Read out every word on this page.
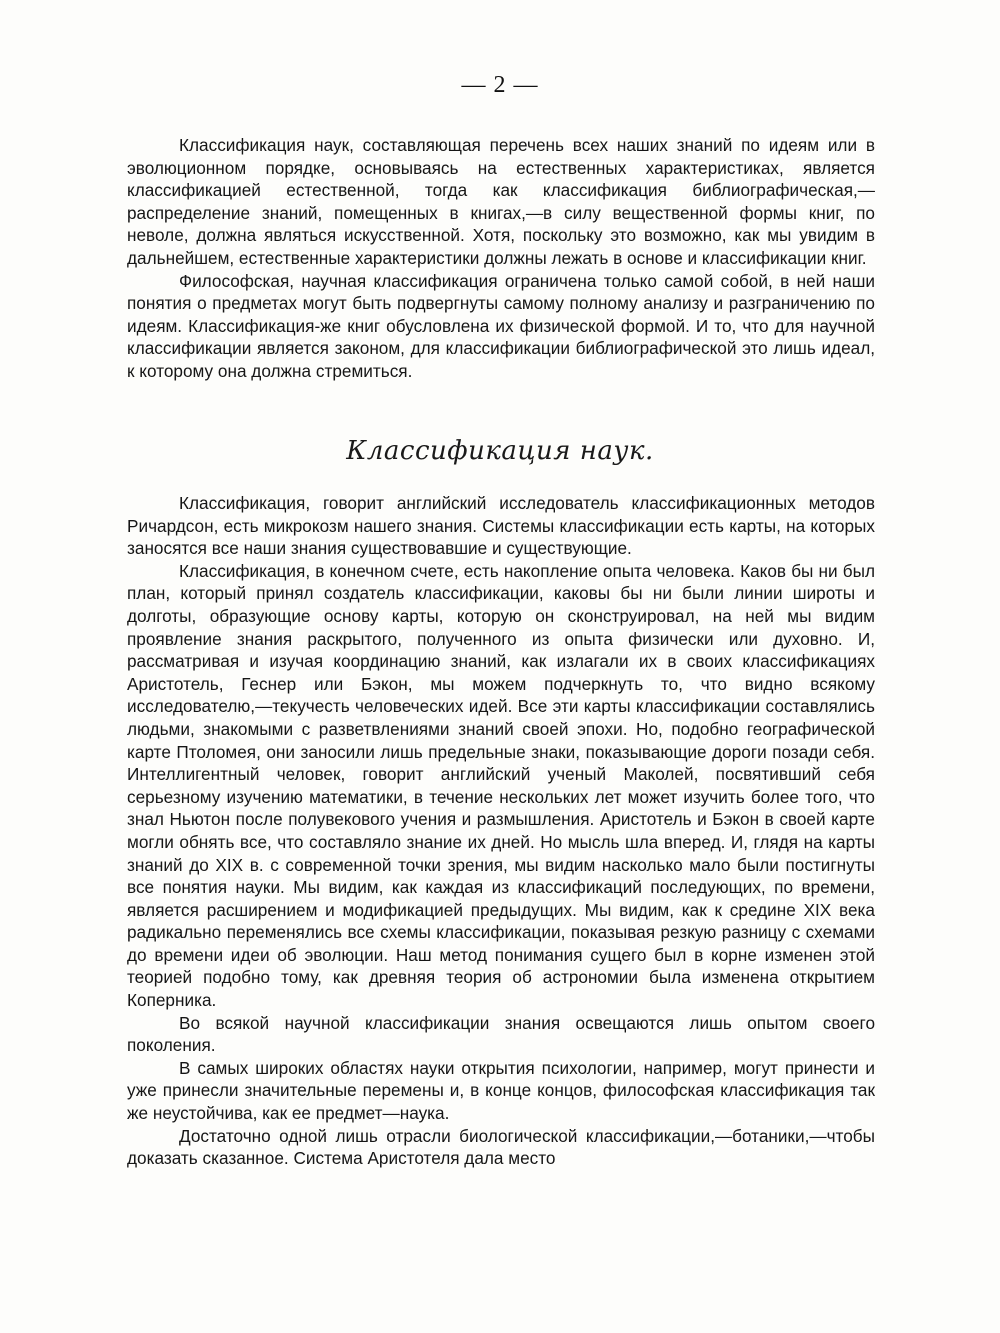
— 2 —

Классификация наук, составляющая перечень всех наших знаний по идеям или в эволюционном порядке, основываясь на естественных характеристиках, является классификацией естественной, тогда как классификация библиографическая,—распределение знаний, помещенных в книгах,—в силу вещественной формы книг, по неволе, должна являться искусственной. Хотя, поскольку это возможно, как мы увидим в дальнейшем, естественные характеристики должны лежать в основе и классификации книг.

Философская, научная классификация ограничена только самой собой, в ней наши понятия о предметах могут быть подвергнуты самому полному анализу и разграничению по идеям. Классификация-же книг обусловлена их физической формой. И то, что для научной классификации является законом, для классификации библиографической это лишь идеал, к которому она должна стремиться.

Классификация наук.

Классификация, говорит английский исследователь классификационных методов Ричардсон, есть микрокозм нашего знания. Системы классификации есть карты, на которых заносятся все наши знания существовавшие и существующие.

Классификация, в конечном счете, есть накопление опыта человека. Каков бы ни был план, который принял создатель классификации, каковы бы ни были линии широты и долготы, образующие основу карты, которую он сконструировал, на ней мы видим проявление знания раскрытого, полученного из опыта физически или духовно. И, рассматривая и изучая координацию знаний, как излагали их в своих классификациях Аристотель, Геснер или Бэкон, мы можем подчеркнуть то, что видно всякому исследователю,—текучесть человеческих идей. Все эти карты классификации составлялись людьми, знакомыми с разветвлениями знаний своей эпохи. Но, подобно географической карте Птоломея, они заносили лишь предельные знаки, показывающие дороги позади себя. Интеллигентный человек, говорит английский ученый Маколей, посвятивший себя серьезному изучению математики, в течение нескольких лет может изучить более того, что знал Ньютон после полувекового учения и размышления. Аристотель и Бэкон в своей карте могли обнять все, что составляло знание их дней. Но мысль шла вперед. И, глядя на карты знаний до XIX в. с современной точки зрения, мы видим насколько мало были постигнуты все понятия науки. Мы видим, как каждая из классификаций последующих, по времени, является расширением и модификацией предыдущих. Мы видим, как к средине XIX века радикально переменялись все схемы классификации, показывая резкую разницу с схемами до времени идеи об эволюции. Наш метод понимания сущего был в корне изменен этой теорией подобно тому, как древняя теория об астрономии была изменена открытием Коперника.

Во всякой научной классификации знания освещаются лишь опытом своего поколения.

В самых широких областях науки открытия психологии, например, могут принести и уже принесли значительные перемены и, в конце концов, философская классификация так же неустойчива, как ее предмет—наука.

Достаточно одной лишь отрасли биологической классификации,—ботаники,—чтобы доказать сказанное. Система Аристотеля дала место
